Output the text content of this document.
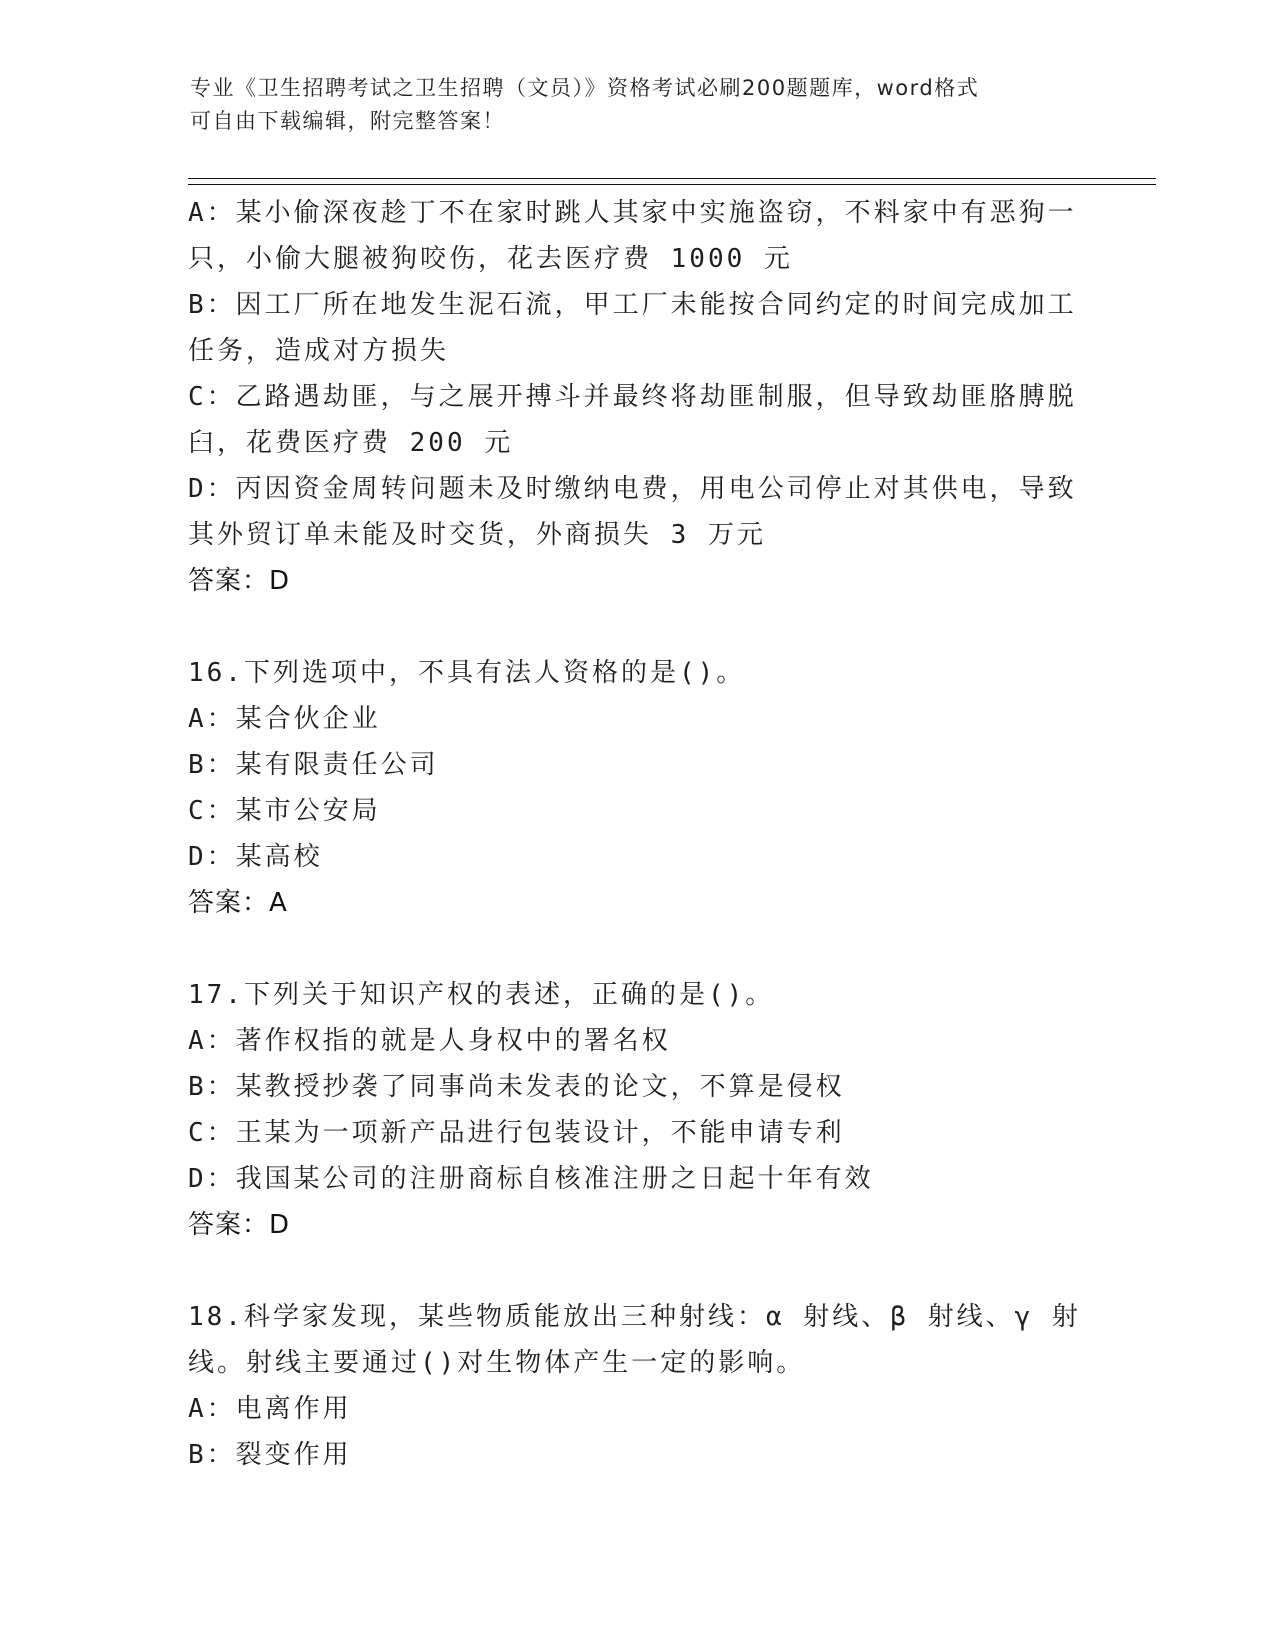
专业《卫生招聘考试之卫生招聘（文员）》资格考试必刷200题题库，word格式
可自由下载编辑，附完整答案！
A：某小偷深夜趁丁不在家时跳人其家中实施盗窃，不料家中有恶狗一
只，小偷大腿被狗咬伤，花去医疗费 1000 元
B：因工厂所在地发生泥石流，甲工厂未能按合同约定的时间完成加工
任务，造成对方损失
C：乙路遇劫匪，与之展开搏斗并最终将劫匪制服，但导致劫匪胳膊脱
臼，花费医疗费 200 元
D：丙因资金周转问题未及时缴纳电费，用电公司停止对其供电，导致
其外贸订单未能及时交货，外商损失 3 万元
答案：D
16.下列选项中，不具有法人资格的是()。
A：某合伙企业
B：某有限责任公司
C：某市公安局
D：某高校
答案：A
17.下列关于知识产权的表述，正确的是()。
A：著作权指的就是人身权中的署名权
B：某教授抄袭了同事尚未发表的论文，不算是侵权
C：王某为一项新产品进行包装设计，不能申请专利
D：我国某公司的注册商标自核准注册之日起十年有效
答案：D
18.科学家发现，某些物质能放出三种射线：α 射线、β 射线、γ 射
线。射线主要通过()对生物体产生一定的影响。
A：电离作用
B：裂变作用
